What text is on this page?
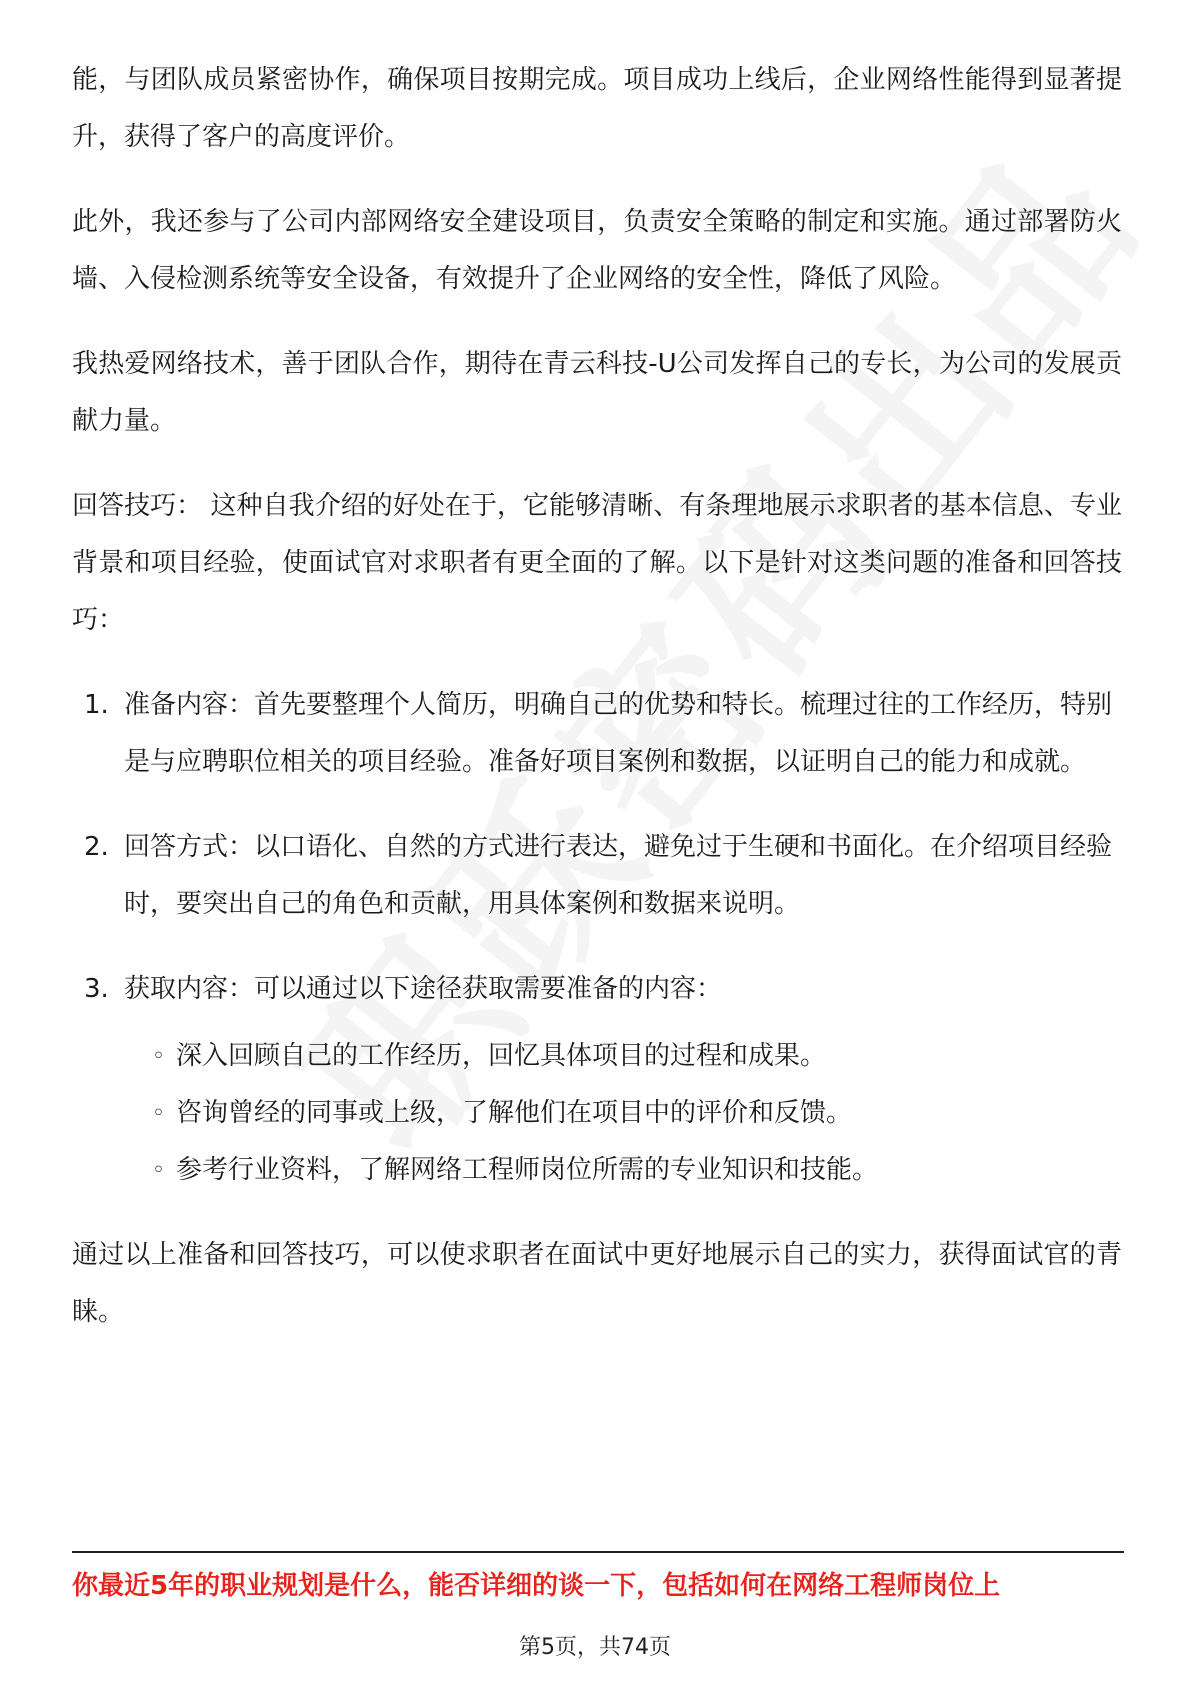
能，与团队成员紧密协作，确保项目按期完成。项目成功上线后，企业网络性能得到显著提升，获得了客户的高度评价。

此外，我还参与了公司内部网络安全建设项目，负责安全策略的制定和实施。通过部署防火墙、入侵检测系统等安全设备，有效提升了企业网络的安全性，降低了风险。

我热爱网络技术，善于团队合作，期待在青云科技-U公司发挥自己的专长，为公司的发展贡献力量。

回答技巧： 这种自我介绍的好处在于，它能够清晰、有条理地展示求职者的基本信息、专业背景和项目经验，使面试官对求职者有更全面的了解。以下是针对这类问题的准备和回答技巧：

1. 准备内容：首先要整理个人简历，明确自己的优势和特长。梳理过往的工作经历，特别是与应聘职位相关的项目经验。准备好项目案例和数据，以证明自己的能力和成就。
2. 回答方式：以口语化、自然的方式进行表达，避免过于生硬和书面化。在介绍项目经验时，要突出自己的角色和贡献，用具体案例和数据来说明。
3. 获取内容：可以通过以下途径获取需要准备的内容：
◦ 深入回顾自己的工作经历，回忆具体项目的过程和成果。
◦ 咨询曾经的同事或上级，了解他们在项目中的评价和反馈。
◦ 参考行业资料，了解网络工程师岗位所需的专业知识和技能。

通过以上准备和回答技巧，可以使求职者在面试中更好地展示自己的实力，获得面试官的青睐。

你最近5年的职业规划是什么，能否详细的谈一下，包括如何在网络工程师岗位上
第5页，共74页
